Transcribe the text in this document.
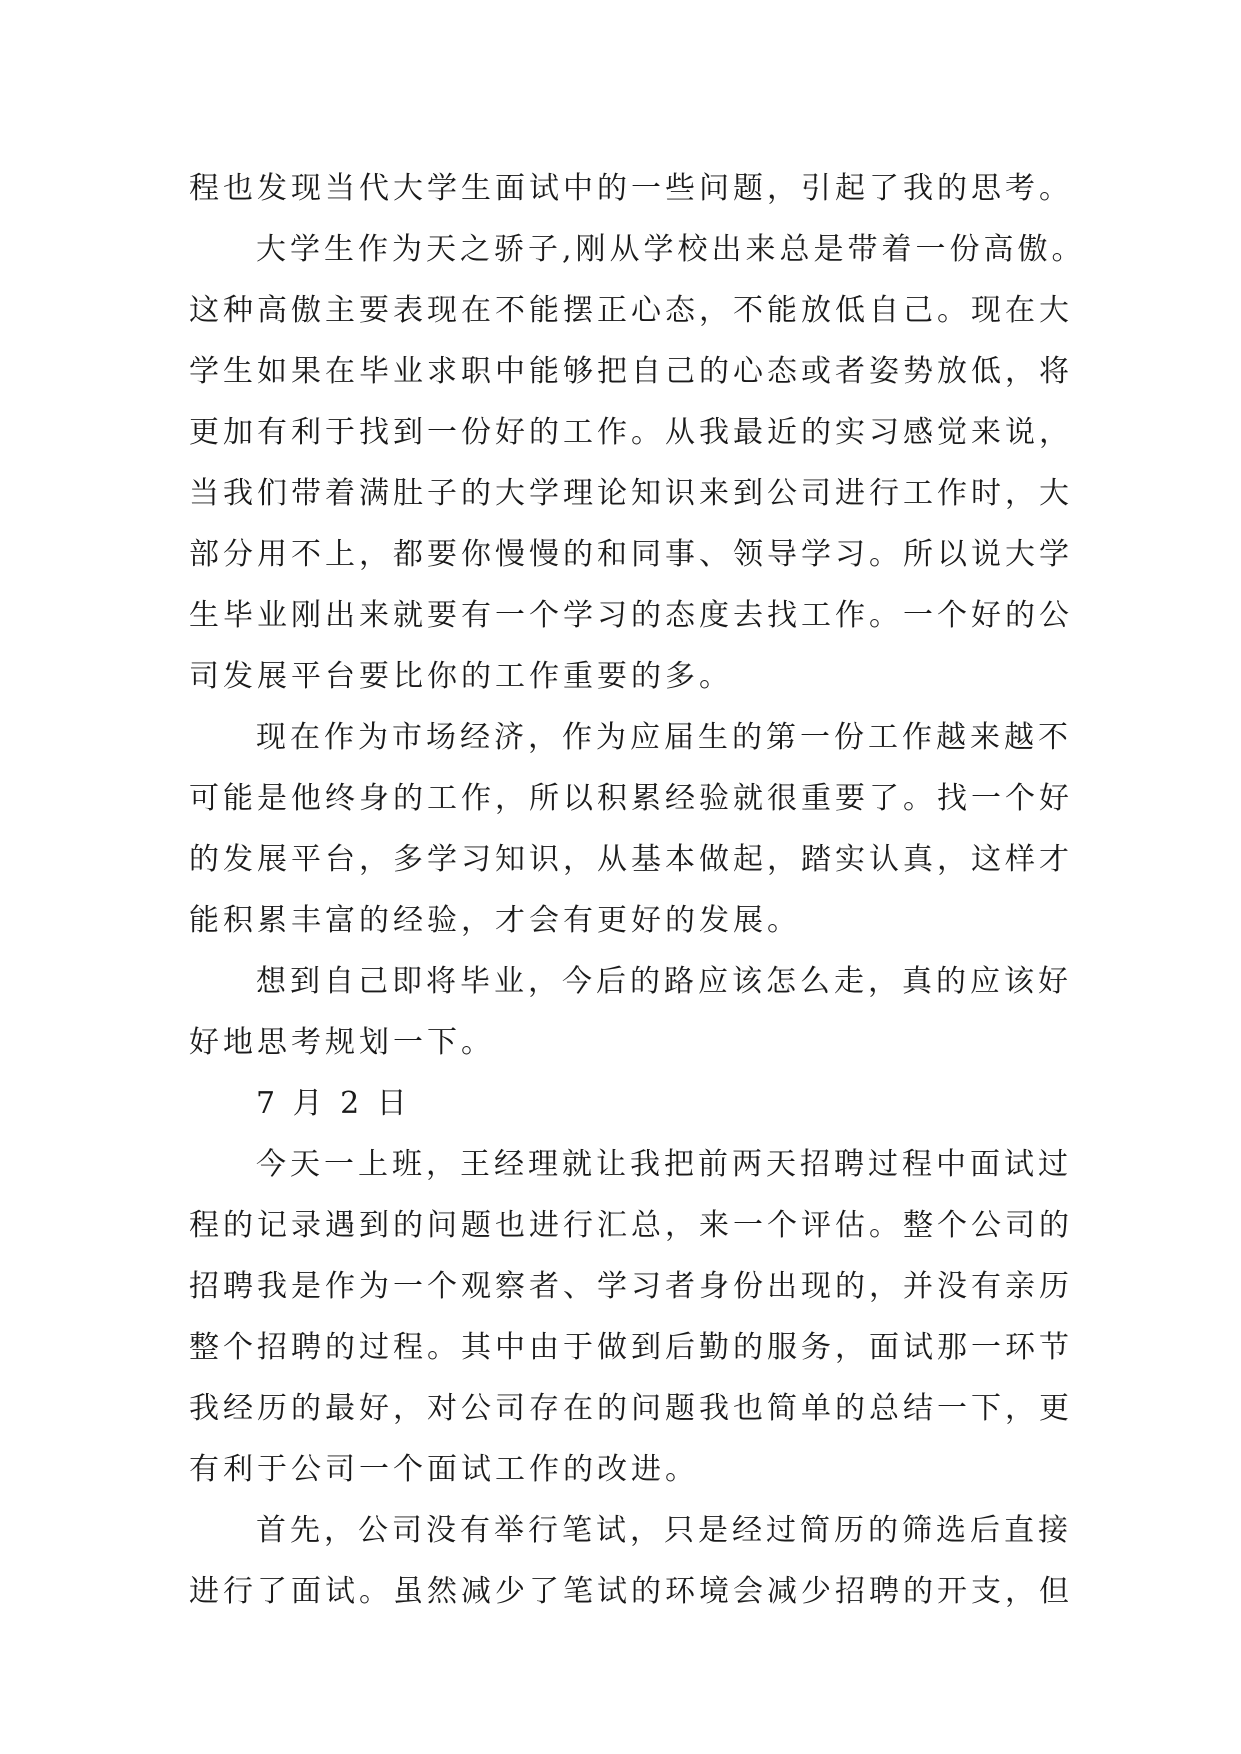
程也发现当代大学生面试中的一些问题，引起了我的思考。
大学生作为天之骄子,刚从学校出来总是带着一份高傲。
这种高傲主要表现在不能摆正心态，不能放低自己。现在大
学生如果在毕业求职中能够把自己的心态或者姿势放低，将
更加有利于找到一份好的工作。从我最近的实习感觉来说，
当我们带着满肚子的大学理论知识来到公司进行工作时，大
部分用不上，都要你慢慢的和同事、领导学习。所以说大学
生毕业刚出来就要有一个学习的态度去找工作。一个好的公
司发展平台要比你的工作重要的多。
现在作为市场经济，作为应届生的第一份工作越来越不
可能是他终身的工作，所以积累经验就很重要了。找一个好
的发展平台，多学习知识，从基本做起，踏实认真，这样才
能积累丰富的经验，才会有更好的发展。
想到自己即将毕业，今后的路应该怎么走，真的应该好
好地思考规划一下。
7 月 2 日
今天一上班，王经理就让我把前两天招聘过程中面试过
程的记录遇到的问题也进行汇总，来一个评估。整个公司的
招聘我是作为一个观察者、学习者身份出现的，并没有亲历
整个招聘的过程。其中由于做到后勤的服务，面试那一环节
我经历的最好，对公司存在的问题我也简单的总结一下，更
有利于公司一个面试工作的改进。
首先，公司没有举行笔试，只是经过简历的筛选后直接
进行了面试。虽然减少了笔试的环境会减少招聘的开支，但
